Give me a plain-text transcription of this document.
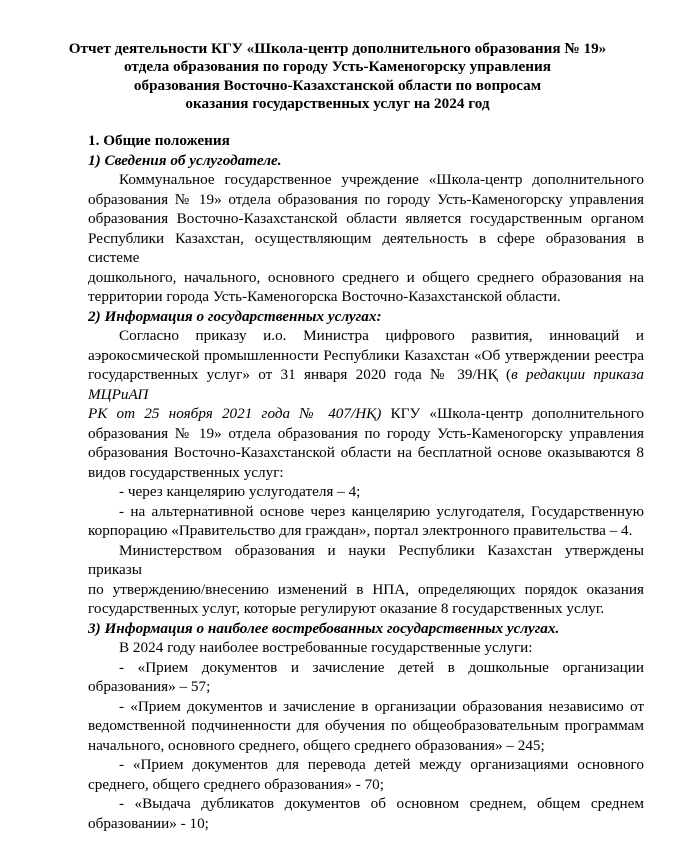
Отчет деятельности КГУ «Школа-центр дополнительного образования № 19»
отдела образования по городу Усть-Каменогорску управления
образования Восточно-Казахстанской области по вопросам
оказания государственных услуг на 2024 год
1. Общие положения
1) Сведения об услугодателе.
Коммунальное государственное учреждение «Школа-центр дополнительного
образования № 19» отдела образования по городу Усть-Каменогорску управления
образования Восточно-Казахстанской области является государственным органом
Республики Казахстан, осуществляющим деятельность в сфере образования в системе
дошкольного, начального, основного среднего и общего среднего образования на
территории города Усть-Каменогорска Восточно-Казахстанской области.
2) Информация о государственных услугах:
Согласно приказу и.о. Министра цифрового развития, инноваций и
аэрокосмической промышленности Республики Казахстан «Об утверждении реестра
государственных услуг» от 31 января 2020 года № 39/НҚ (в редакции приказа МЦРиАП
РК от 25 ноября 2021 года № 407/НҚ) КГУ «Школа-центр дополнительного
образования № 19» отдела образования по городу Усть-Каменогорску управления
образования Восточно-Казахстанской области на бесплатной основе оказываются 8
видов государственных услуг:
- через канцелярию услугодателя – 4;
- на альтернативной основе через канцелярию услугодателя, Государственную
корпорацию «Правительство для граждан», портал электронного правительства – 4.
Министерством образования и науки Республики Казахстан утверждены приказы
по утверждению/внесению изменений в НПА, определяющих порядок оказания
государственных услуг, которые регулируют оказание 8 государственных услуг.
3) Информация о наиболее востребованных государственных услугах.
В 2024 году наиболее востребованные государственные услуги:
- «Прием документов и зачисление детей в дошкольные организации
образования» – 57;
- «Прием документов и зачисление в организации образования независимо от
ведомственной подчиненности для обучения по общеобразовательным программам
начального, основного среднего, общего среднего образования» – 245;
- «Прием документов для перевода детей между организациями основного
среднего, общего среднего образования» - 70;
- «Выдача дубликатов документов об основном среднем, общем среднем
образовании» - 10;
